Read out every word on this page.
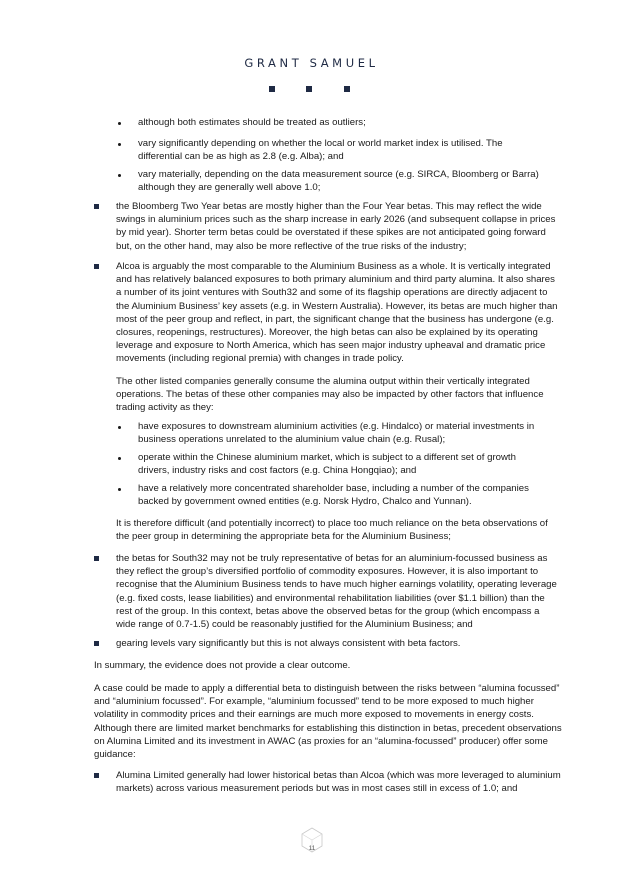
GRANT SAMUEL

although both estimates should be treated as outliers;

vary significantly depending on whether the local or world market index is utilised. The differential can be as high as 2.8 (e.g. Alba); and

vary materially, depending on the data measurement source (e.g. SIRCA, Bloomberg or Barra) although they are generally well above 1.0;

the Bloomberg Two Year betas are mostly higher than the Four Year betas. This may reflect the wide swings in aluminium prices such as the sharp increase in early 2026 (and subsequent collapse in prices by mid year). Shorter term betas could be overstated if these spikes are not anticipated going forward but, on the other hand, may also be more reflective of the true risks of the industry;

Alcoa is arguably the most comparable to the Aluminium Business as a whole. It is vertically integrated and has relatively balanced exposures to both primary aluminium and third party alumina. It also shares a number of its joint ventures with South32 and some of its flagship operations are directly adjacent to the Aluminium Business’ key assets (e.g. in Western Australia). However, its betas are much higher than most of the peer group and reflect, in part, the significant change that the business has undergone (e.g. closures, reopenings, restructures). Moreover, the high betas can also be explained by its operating leverage and exposure to North America, which has seen major industry upheaval and dramatic price movements (including regional premia) with changes in trade policy.

The other listed companies generally consume the alumina output within their vertically integrated operations. The betas of these other companies may also be impacted by other factors that influence trading activity as they:

have exposures to downstream aluminium activities (e.g. Hindalco) or material investments in business operations unrelated to the aluminium value chain (e.g. Rusal);

operate within the Chinese aluminium market, which is subject to a different set of growth drivers, industry risks and cost factors (e.g. China Hongqiao); and

have a relatively more concentrated shareholder base, including a number of the companies backed by government owned entities (e.g. Norsk Hydro, Chalco and Yunnan).

It is therefore difficult (and potentially incorrect) to place too much reliance on the beta observations of the peer group in determining the appropriate beta for the Aluminium Business;

the betas for South32 may not be truly representative of betas for an aluminium-focussed business as they reflect the group’s diversified portfolio of commodity exposures. However, it is also important to recognise that the Aluminium Business tends to have much higher earnings volatility, operating leverage (e.g. fixed costs, lease liabilities) and environmental rehabilitation liabilities (over $1.1 billion) than the rest of the group. In this context, betas above the observed betas for the group (which encompass a wide range of 0.7-1.5) could be reasonably justified for the Aluminium Business; and

gearing levels vary significantly but this is not always consistent with beta factors.

In summary, the evidence does not provide a clear outcome.

A case could be made to apply a differential beta to distinguish between the risks between “alumina focussed” and “aluminium focussed”. For example, “aluminium focussed” tend to be more exposed to much higher volatility in commodity prices and their earnings are much more exposed to movements in energy costs. Although there are limited market benchmarks for establishing this distinction in betas, precedent observations on Alumina Limited and its investment in AWAC (as proxies for an “alumina-focussed” producer) offer some guidance:

Alumina Limited generally had lower historical betas than Alcoa (which was more leveraged to aluminium markets) across various measurement periods but was in most cases still in excess of 1.0; and

11
